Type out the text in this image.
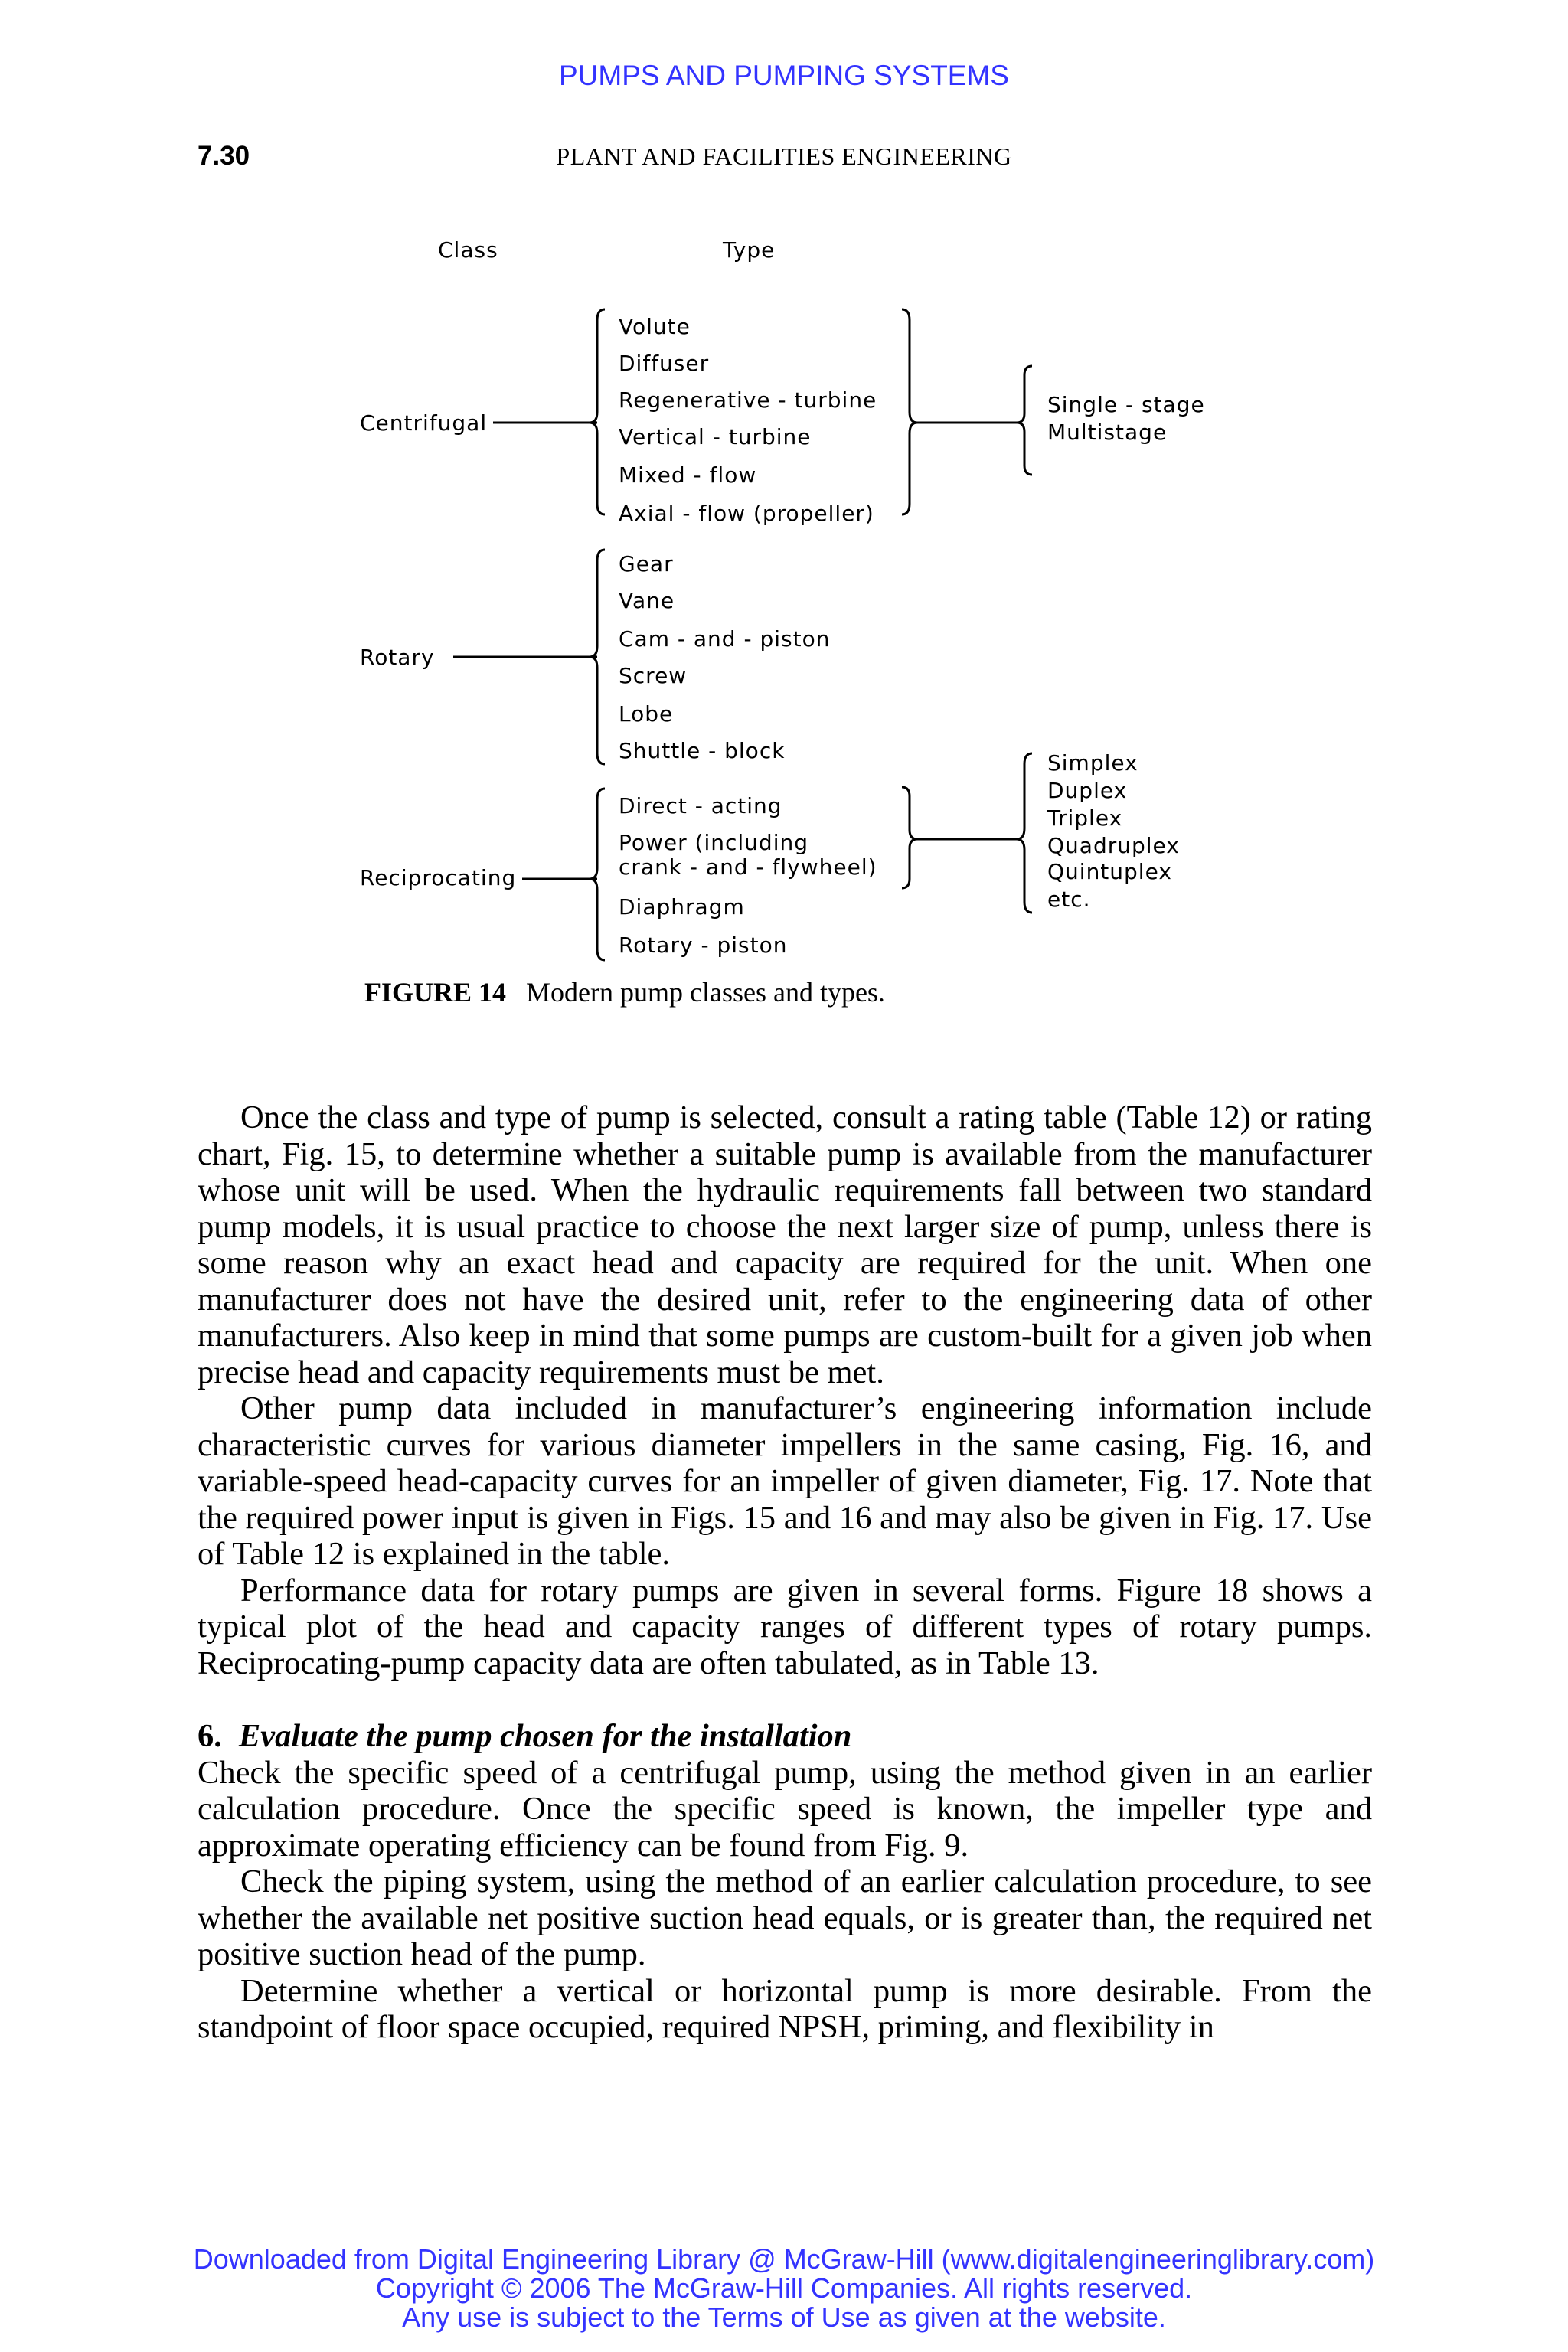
PUMPS AND PUMPING SYSTEMS
7.30	PLANT AND FACILITIES ENGINEERING
Class	Type
Centrifugal
Rotary
Reciprocating
Volute
Diffuser
Regenerative - turbine
Vertical - turbine
Mixed - flow
Axial - flow (propeller)
Single - stage
Multistage
Gear
Vane
Cam - and - piston
Screw
Lobe
Shuttle - block
Direct - acting
Power (including
crank - and - flywheel)
Diaphragm
Rotary - piston
Simplex
Duplex
Triplex
Quadruplex
Quintuplex
etc.
FIGURE 14 Modern pump classes and types.

Once the class and type of pump is selected, consult a rating table (Table 12) or rating chart, Fig. 15, to determine whether a suitable pump is available from the manufacturer whose unit will be used. When the hydraulic requirements fall between two standard pump models, it is usual practice to choose the next larger size of pump, unless there is some reason why an exact head and capacity are required for the unit. When one manufacturer does not have the desired unit, refer to the engineering data of other manufacturers. Also keep in mind that some pumps are custom-built for a given job when precise head and capacity requirements must be met.

Other pump data included in manufacturer’s engineering information include characteristic curves for various diameter impellers in the same casing, Fig. 16, and variable-speed head-capacity curves for an impeller of given diameter, Fig. 17. Note that the required power input is given in Figs. 15 and 16 and may also be given in Fig. 17. Use of Table 12 is explained in the table.

Performance data for rotary pumps are given in several forms. Figure 18 shows a typical plot of the head and capacity ranges of different types of rotary pumps. Reciprocating-pump capacity data are often tabulated, as in Table 13.

6. Evaluate the pump chosen for the installation

Check the specific speed of a centrifugal pump, using the method given in an earlier calculation procedure. Once the specific speed is known, the impeller type and approximate operating efficiency can be found from Fig. 9.

Check the piping system, using the method of an earlier calculation procedure, to see whether the available net positive suction head equals, or is greater than, the required net positive suction head of the pump.

Determine whether a vertical or horizontal pump is more desirable. From the standpoint of floor space occupied, required NPSH, priming, and flexibility in

Downloaded from Digital Engineering Library @ McGraw-Hill (www.digitalengineeringlibrary.com)
Copyright © 2006 The McGraw-Hill Companies. All rights reserved.
Any use is subject to the Terms of Use as given at the website.
